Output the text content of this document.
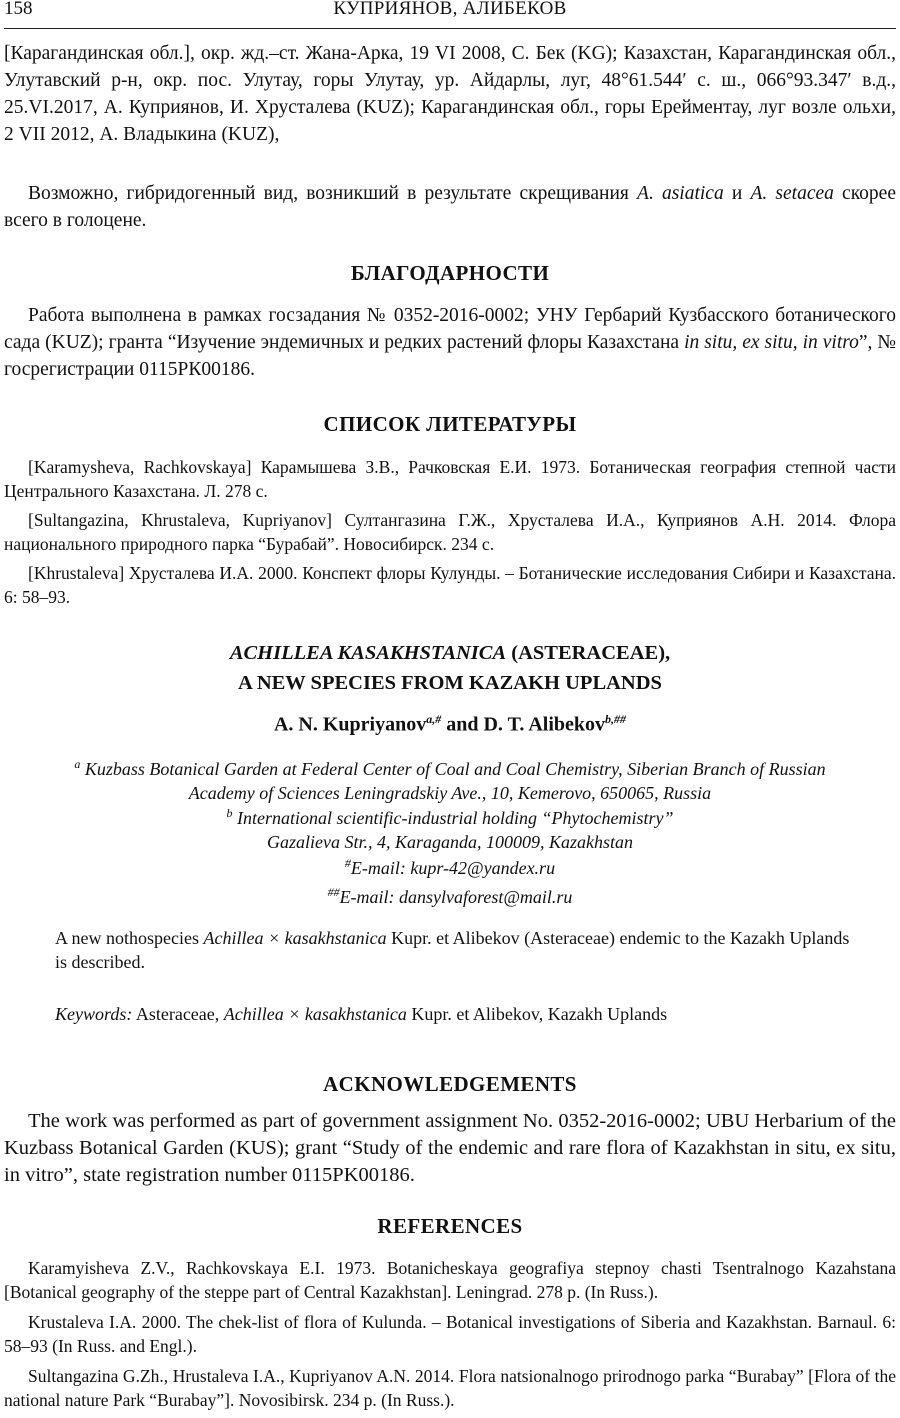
158	КУПРИЯНОВ, АЛИБЕКОВ

[Карагандинская обл.], окр. жд.–ст. Жана-Арка, 19 VI 2008, С. Бек (KG); Казахстан, Карагандинская обл., Улутавский р-н, окр. пос. Улутау, горы Улутау, ур. Айдарлы, луг, 48°61.544′ с. ш., 066°93.347′ в.д., 25.VI.2017, А. Куприянов, И. Хрусталева (KUZ); Карагандинская обл., горы Ерейментау, луг возле ольхи, 2 VII 2012, А. Владыкина (KUZ),

Возможно, гибридогенный вид, возникший в результате скрещивания A. asiatica и A. setacea скорее всего в голоцене.

БЛАГОДАРНОСТИ

Работа выполнена в рамках госзадания № 0352-2016-0002; УНУ Гербарий Кузбасского ботанического сада (KUZ); гранта “Изучение эндемичных и редких растений флоры Казахстана in situ, ex situ, in vitro”, № госрегистрации 0115РК00186.

СПИСОК ЛИТЕРАТУРЫ

[Karamysheva, Rachkovskaya] Карамышева З.В., Рачковская Е.И. 1973. Ботаническая география степной части Центрального Казахстана. Л. 278 с.

[Sultangazina, Khrustaleva, Kupriyanov] Султангазина Г.Ж., Хрусталева И.А., Куприянов А.Н. 2014. Флора национального природного парка “Бурабай”. Новосибирск. 234 с.

[Khrustaleva] Хрусталева И.А. 2000. Конспект флоры Кулунды. – Ботанические исследования Сибири и Казахстана. 6: 58–93.

ACHILLEA KASAKHSTANICA (ASTERACEAE),
A NEW SPECIES FROM KAZAKH UPLANDS
A. N. Kupriyanov$^{a,\#}$ and D. T. Alibekov$^{b,\#\#}$
$^a$ Kuzbass Botanical Garden at Federal Center of Coal and Coal Chemistry, Siberian Branch of Russian
Academy of Sciences Leningradskiy Ave., 10, Kemerovo, 650065, Russia
$^b$ International scientific-industrial holding “Phytochemistry”
Gazalieva Str., 4, Karaganda, 100009, Kazakhstan
#E-mail: kupr-42@yandex.ru
##E-mail: dansylvaforest@mail.ru

A new nothospecies Achillea × kasakhstanica Kupr. et Alibekov (Asteraceae) endemic to the Kazakh Uplands is described.

Keywords: Asteraceae, Achillea × kasakhstanica Kupr. et Alibekov, Kazakh Uplands

ACKNOWLEDGEMENTS

The work was performed as part of government assignment No. 0352-2016-0002; UBU Herbarium of the Kuzbass Botanical Garden (KUS); grant “Study of the endemic and rare flora of Kazakhstan in situ, ex situ, in vitro”, state registration number 0115PK00186.

REFERENCES

Karamyisheva Z.V., Rachkovskaya E.I. 1973. Botanicheskaya geografiya stepnoy chasti Tsentralnogo Kazahstana [Botanical geography of the steppe part of Central Kazakhstan]. Leningrad. 278 p. (In Russ.).

Krustaleva I.A. 2000. The chek-list of flora of Kulunda. – Botanical investigations of Siberia and Kazakhstan. Barnaul. 6: 58–93 (In Russ. and Engl.).

Sultangazina G.Zh., Hrustaleva I.A., Kupriyanov A.N. 2014. Flora natsionalnogo prirodnogo parka “Burabay” [Flora of the national nature Park “Burabay”]. Novosibirsk. 234 p. (In Russ.).
